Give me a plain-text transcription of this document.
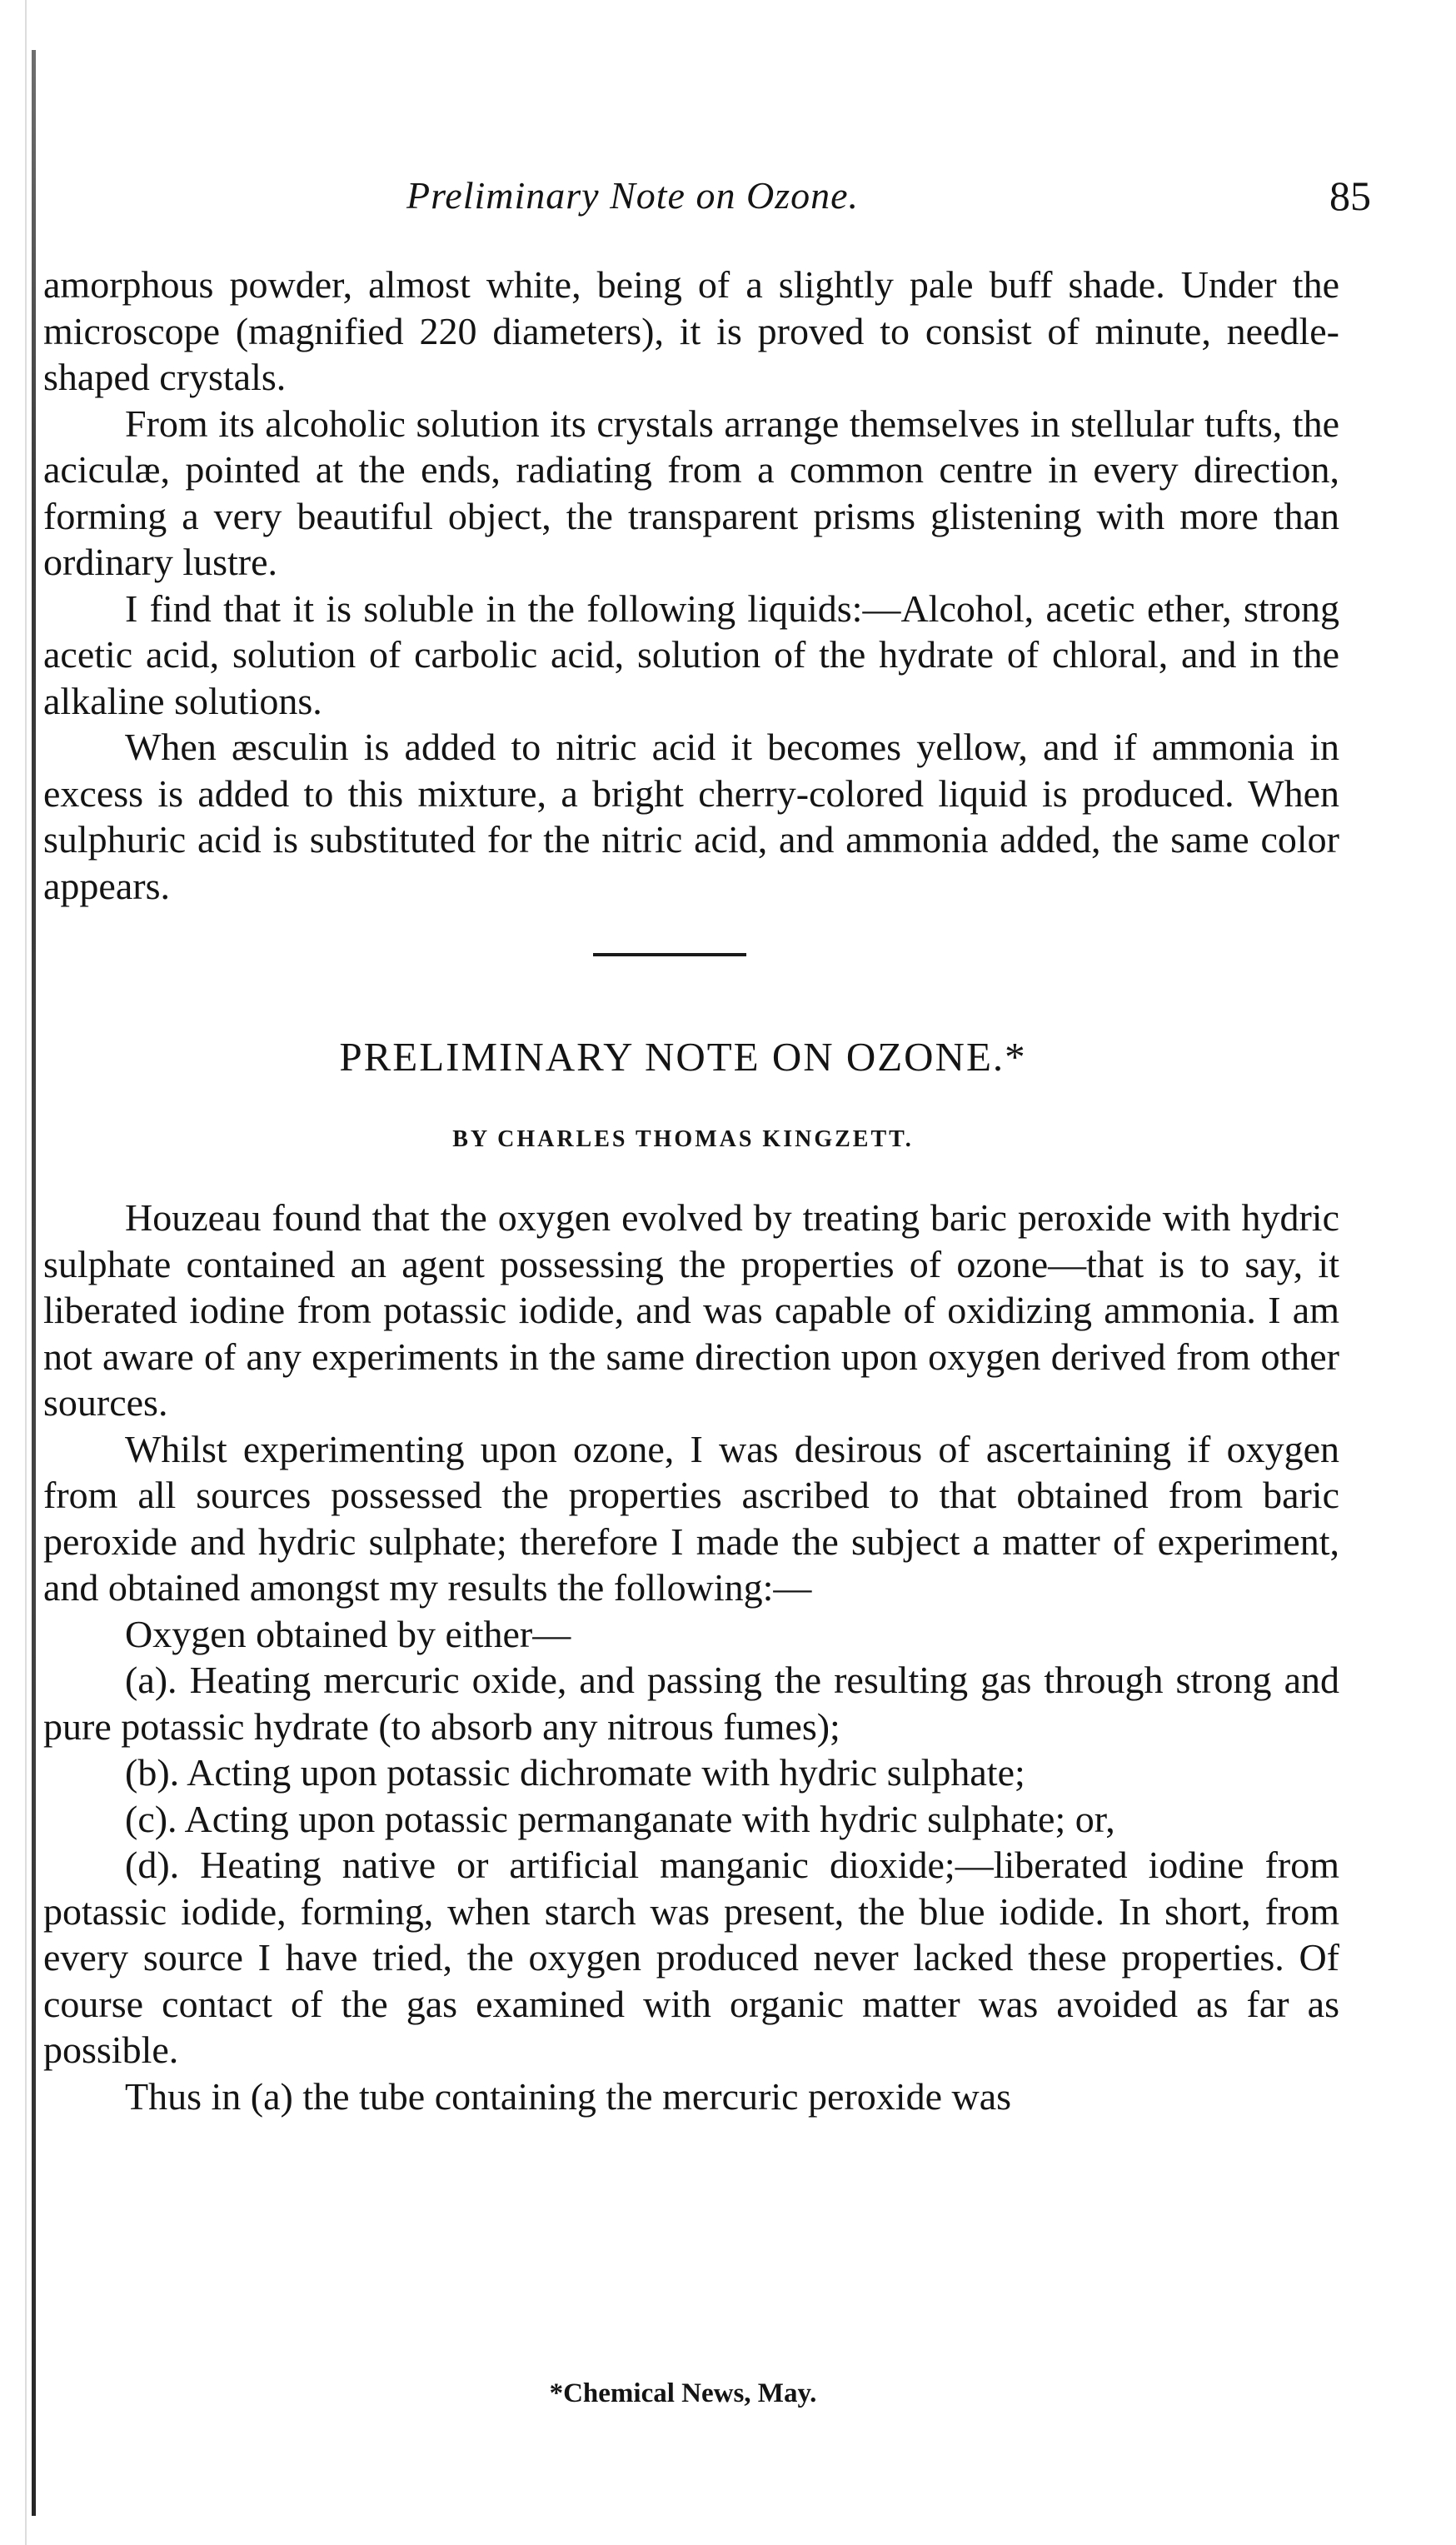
Preliminary Note on Ozone.	85

amorphous powder, almost white, being of a slightly pale buff shade. Under the microscope (magnified 220 diameters), it is proved to consist of minute, needle-shaped crystals.

From its alcoholic solution its crystals arrange themselves in stellular tufts, the aciculæ, pointed at the ends, radiating from a common centre in every direction, forming a very beautiful object, the transparent prisms glistening with more than ordinary lustre.

I find that it is soluble in the following liquids:—Alcohol, acetic ether, strong acetic acid, solution of carbolic acid, solution of the hydrate of chloral, and in the alkaline solutions.

When æsculin is added to nitric acid it becomes yellow, and if ammonia in excess is added to this mixture, a bright cherry-colored liquid is produced. When sulphuric acid is substituted for the nitric acid, and ammonia added, the same color appears.

PRELIMINARY NOTE ON OZONE.*
BY CHARLES THOMAS KINGZETT.

Houzeau found that the oxygen evolved by treating baric peroxide with hydric sulphate contained an agent possessing the properties of ozone—that is to say, it liberated iodine from potassic iodide, and was capable of oxidizing ammonia. I am not aware of any experiments in the same direction upon oxygen derived from other sources.

Whilst experimenting upon ozone, I was desirous of ascertaining if oxygen from all sources possessed the properties ascribed to that obtained from baric peroxide and hydric sulphate; therefore I made the subject a matter of experiment, and obtained amongst my results the following:—

Oxygen obtained by either—

(a). Heating mercuric oxide, and passing the resulting gas through strong and pure potassic hydrate (to absorb any nitrous fumes);

(b). Acting upon potassic dichromate with hydric sulphate;

(c). Acting upon potassic permanganate with hydric sulphate; or,

(d). Heating native or artificial manganic dioxide;—liberated iodine from potassic iodide, forming, when starch was present, the blue iodide. In short, from every source I have tried, the oxygen produced never lacked these properties. Of course contact of the gas examined with organic matter was avoided as far as possible.

Thus in (a) the tube containing the mercuric peroxide was

*Chemical News, May.
